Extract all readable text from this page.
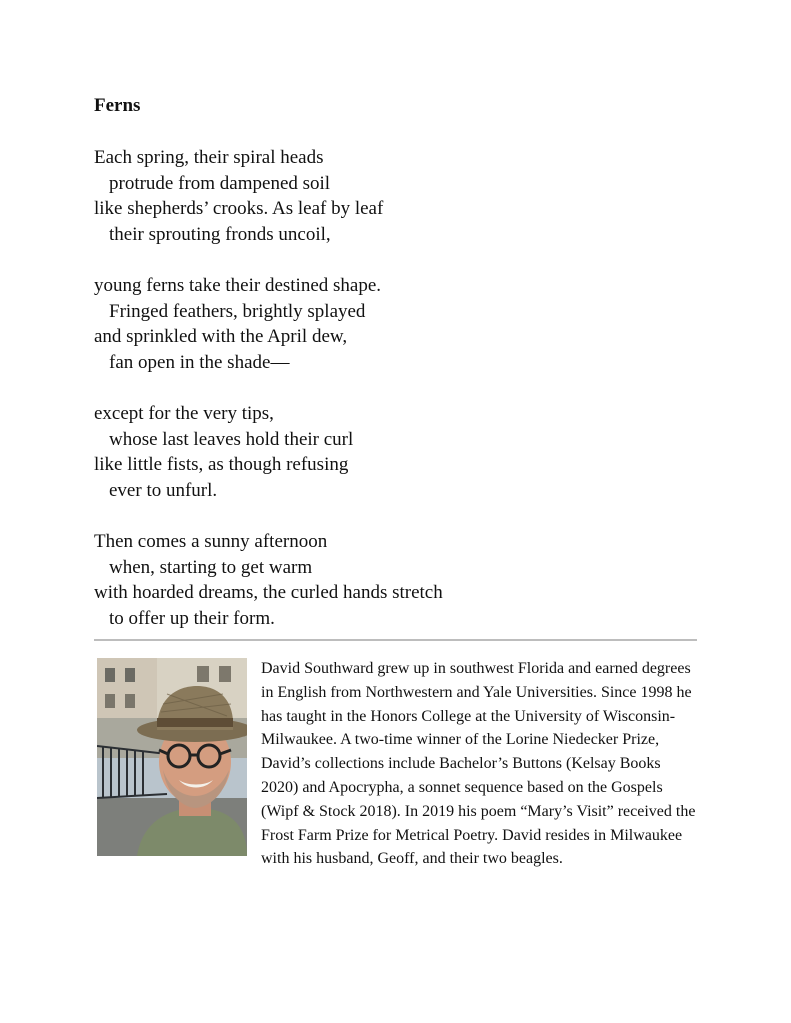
Ferns
Each spring, their spiral heads
protrude from dampened soil
like shepherds’ crooks. As leaf by leaf
their sprouting fronds uncoil,
young ferns take their destined shape.
Fringed feathers, brightly splayed
and sprinkled with the April dew,
fan open in the shade—
except for the very tips,
whose last leaves hold their curl
like little fists, as though refusing
ever to unfurl.
Then comes a sunny afternoon
when, starting to get warm
with hoarded dreams, the curled hands stretch
to offer up their form.
David Southward grew up in southwest Florida and earned degrees in English from Northwestern and Yale Universities. Since 1998 he has taught in the Honors College at the University of Wisconsin-Milwaukee. A two-time winner of the Lorine Niedecker Prize, David’s collections include Bachelor’s Buttons (Kelsay Books 2020) and Apocrypha, a sonnet sequence based on the Gospels (Wipf & Stock 2018). In 2019 his poem “Mary’s Visit” received the Frost Farm Prize for Metrical Poetry. David resides in Milwaukee with his husband, Geoff, and their two beagles.
